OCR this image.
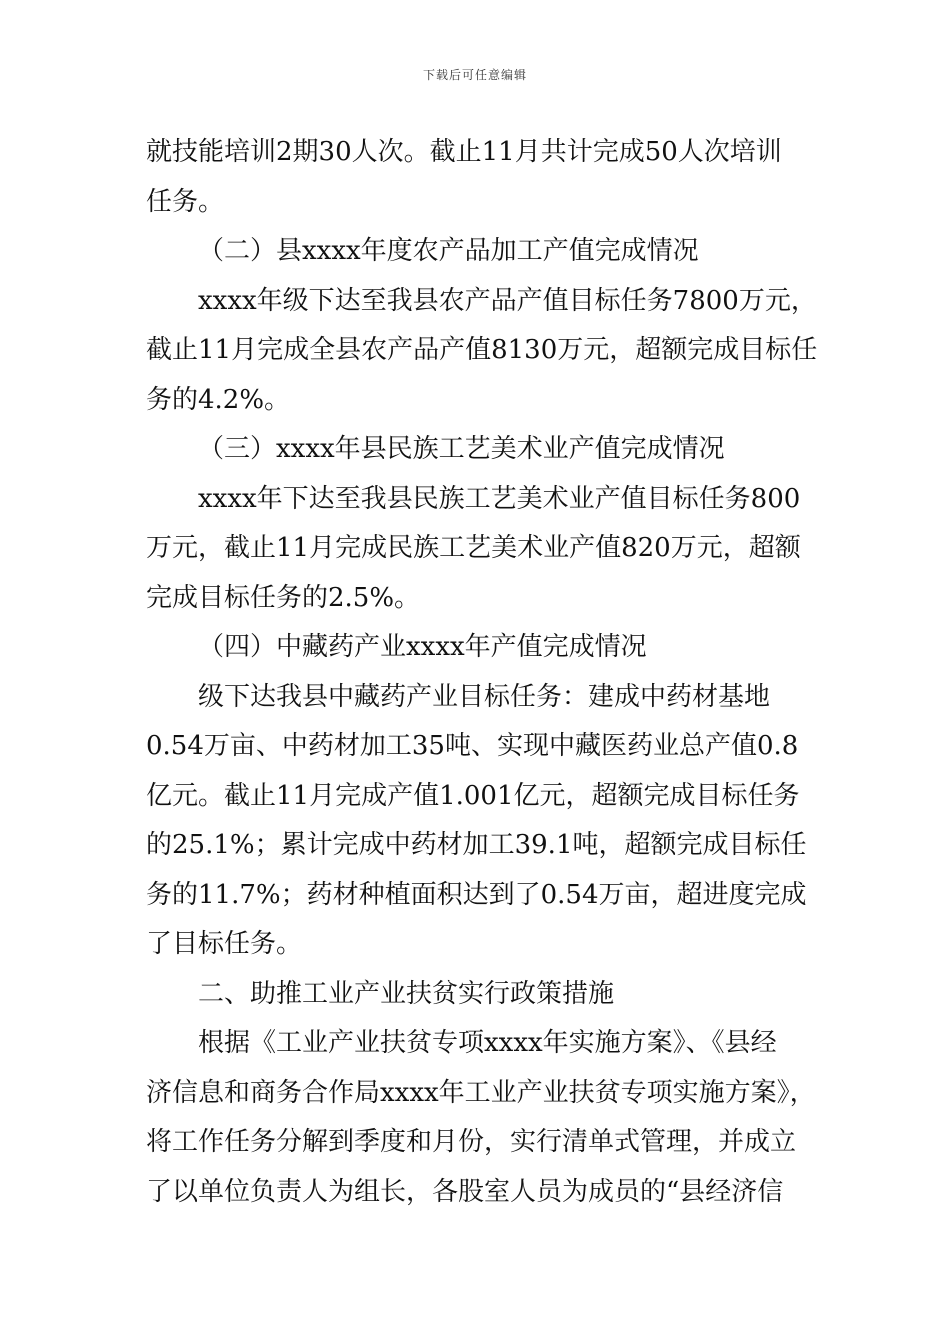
下载后可任意编辑
就技能培训2期30人次。截止11月共计完成50人次培训
任务。
（二）县xxxx年度农产品加工产值完成情况
xxxx年级下达至我县农产品产值目标任务7800万元，
截止11月完成全县农产品产值8130万元，超额完成目标任
务的4.2%。
（三）xxxx年县民族工艺美术业产值完成情况
xxxx年下达至我县民族工艺美术业产值目标任务800
万元，截止11月完成民族工艺美术业产值820万元，超额
完成目标任务的2.5%。
（四）中藏药产业xxxx年产值完成情况
级下达我县中藏药产业目标任务：建成中药材基地
0.54万亩、中药材加工35吨、实现中藏医药业总产值0.8
亿元。截止11月完成产值1.001亿元，超额完成目标任务
的25.1%；累计完成中药材加工39.1吨，超额完成目标任
务的11.7%；药材种植面积达到了0.54万亩，超进度完成
了目标任务。
二、助推工业产业扶贫实行政策措施
根据《工业产业扶贫专项xxxx年实施方案》、《县经
济信息和商务合作局xxxx年工业产业扶贫专项实施方案》，
将工作任务分解到季度和月份，实行清单式管理，并成立
了以单位负责人为组长，各股室人员为成员的“县经济信
